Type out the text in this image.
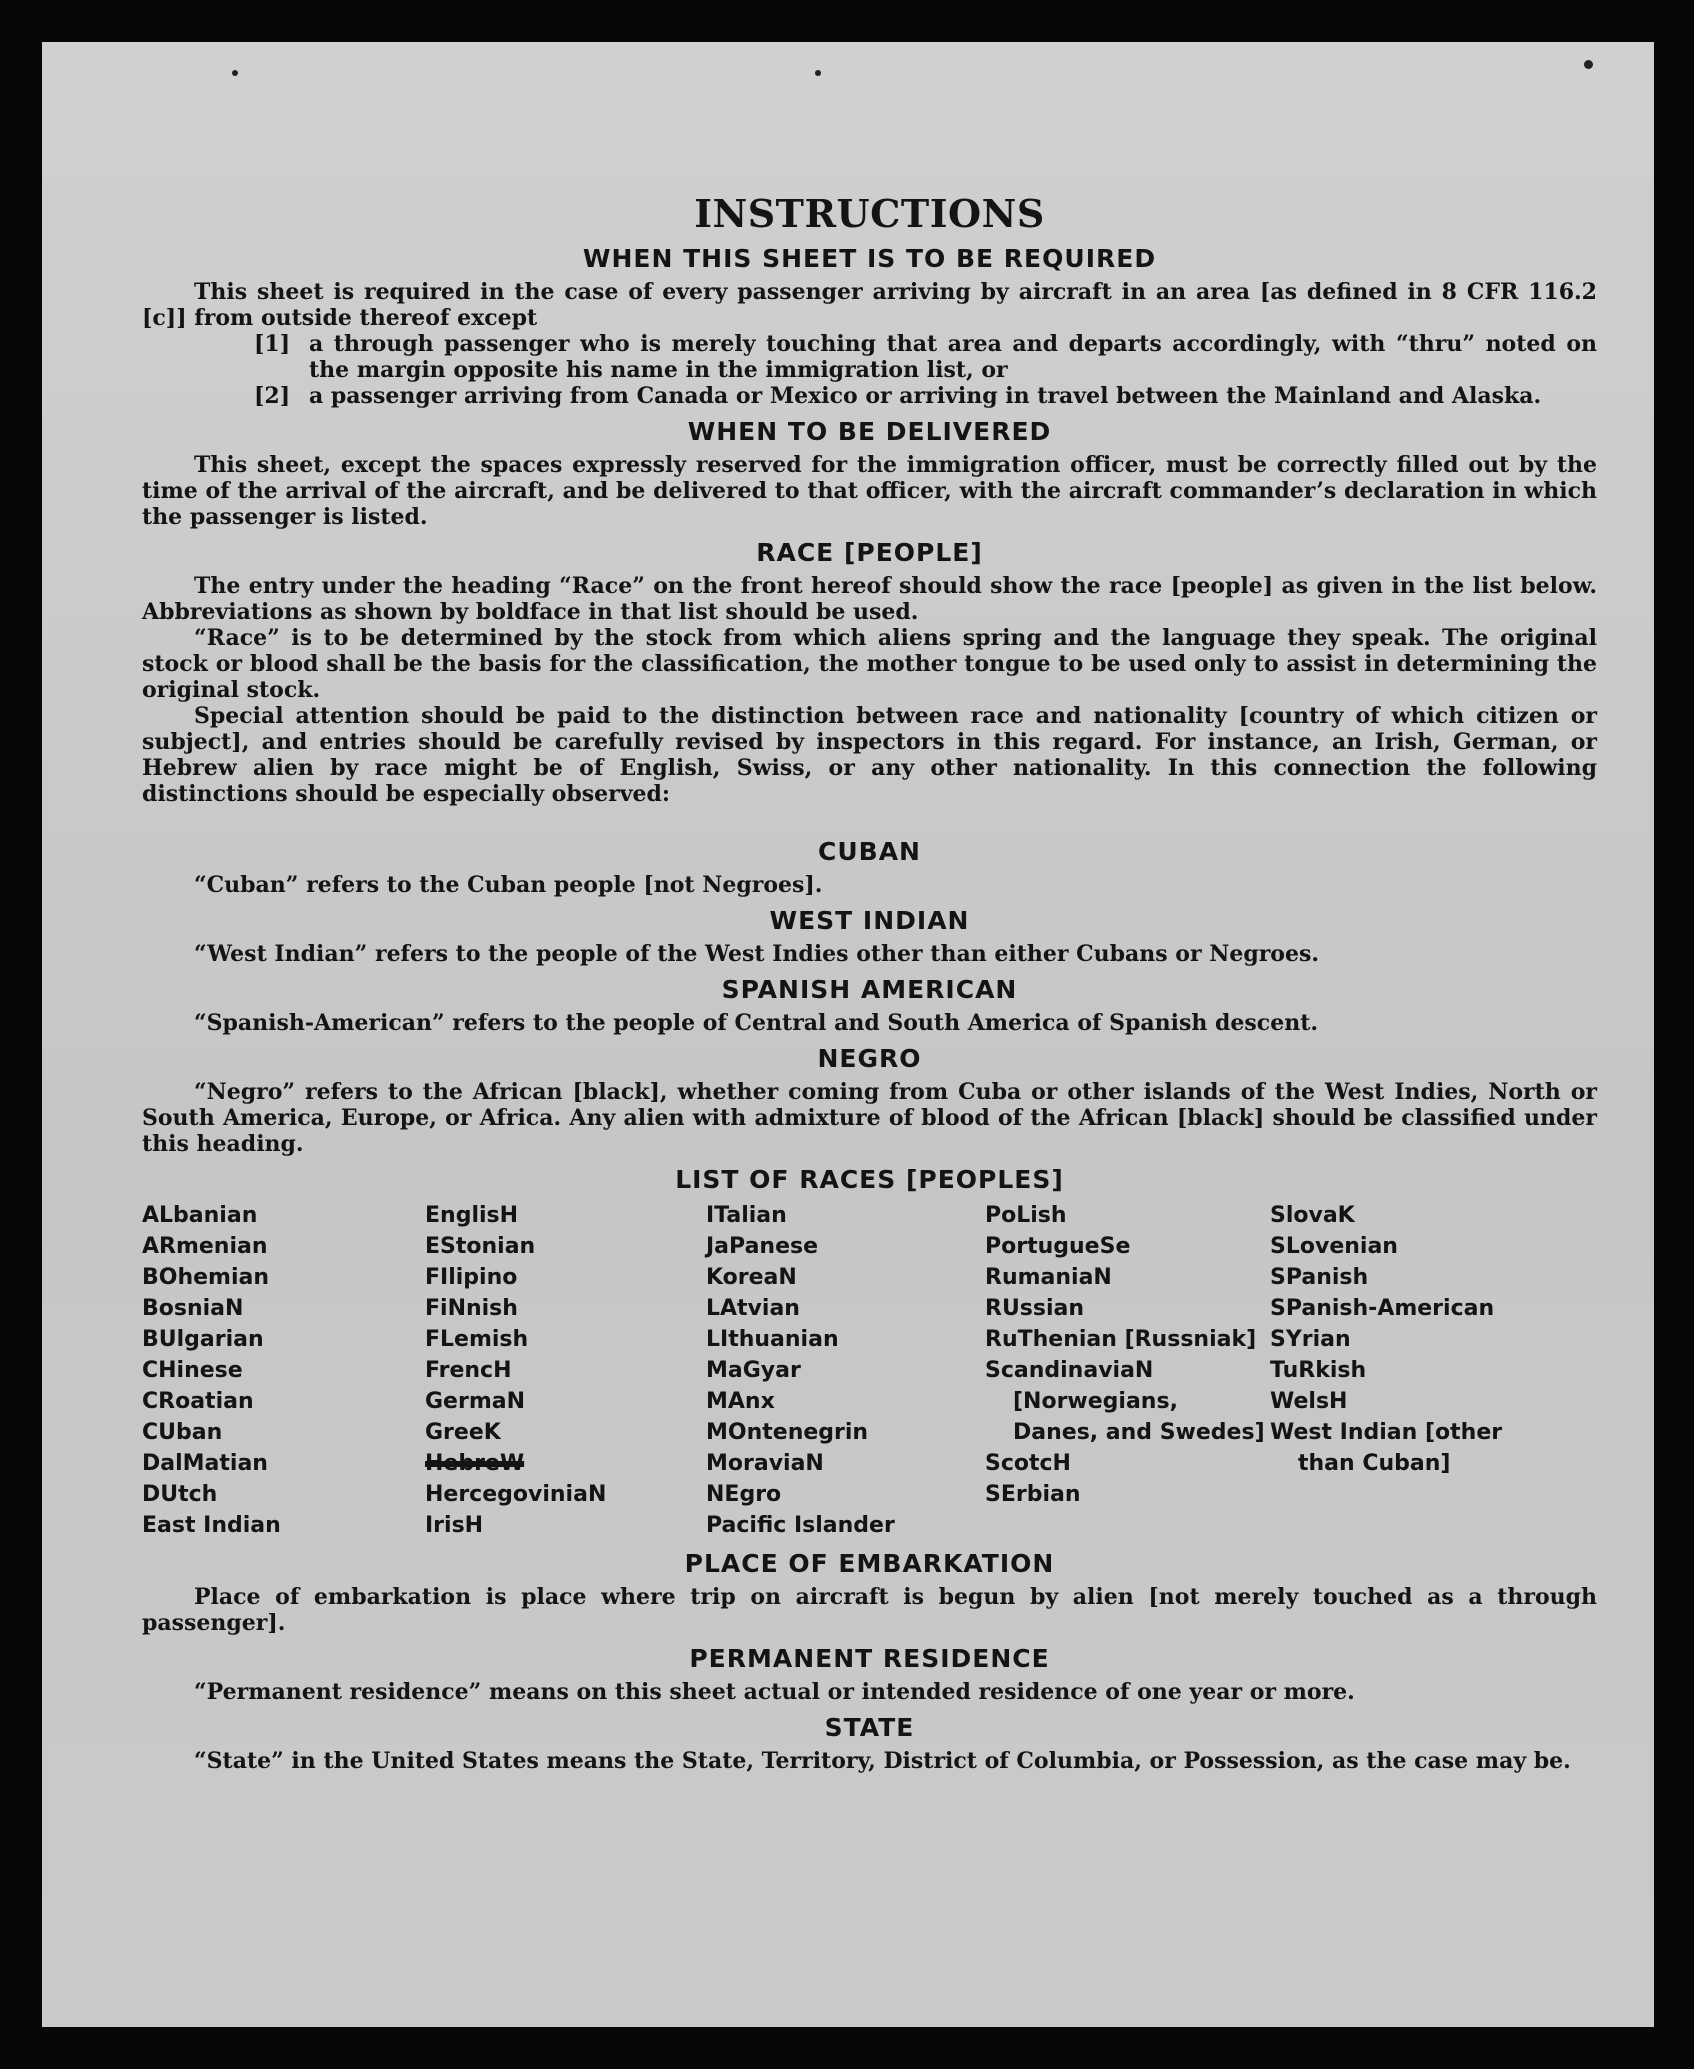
INSTRUCTIONS
WHEN THIS SHEET IS TO BE REQUIRED

This sheet is required in the case of every passenger arriving by aircraft in an area [as defined in 8 CFR 116.2 [c]] from outside thereof except

[1] a through passenger who is merely touching that area and departs accordingly, with “thru” noted on the margin opposite his name in the immigration list, or
[2] a passenger arriving from Canada or Mexico or arriving in travel between the Mainland and Alaska.
WHEN TO BE DELIVERED

This sheet, except the spaces expressly reserved for the immigration officer, must be correctly filled out by the time of the arrival of the aircraft, and be delivered to that officer, with the aircraft commander’s declaration in which the passenger is listed.

RACE [PEOPLE]

The entry under the heading “Race” on the front hereof should show the race [people] as given in the list below. Abbreviations as shown by boldface in that list should be used.

“Race” is to be determined by the stock from which aliens spring and the language they speak. The original stock or blood shall be the basis for the classification, the mother tongue to be used only to assist in determining the original stock.

Special attention should be paid to the distinction between race and nationality [country of which citizen or subject], and entries should be carefully revised by inspectors in this regard. For instance, an Irish, German, or Hebrew alien by race might be of English, Swiss, or any other nationality. In this connection the following distinctions should be especially observed:

CUBAN

“Cuban” refers to the Cuban people [not Negroes].

WEST INDIAN

“West Indian” refers to the people of the West Indies other than either Cubans or Negroes.

SPANISH AMERICAN

“Spanish-American” refers to the people of Central and South America of Spanish descent.

NEGRO

“Negro” refers to the African [black], whether coming from Cuba or other islands of the West Indies, North or South America, Europe, or Africa. Any alien with admixture of blood of the African [black] should be classified under this heading.

LIST OF RACES [PEOPLES]
ALbanian
ARmenian
BOhemian
BosniaN
BUlgarian
CHinese
CRoatian
CUban
DalMatian
DUtch
East Indian
EnglisH
EStonian
FIlipino
FiNnish
FLemish
FrencH
GermaN
GreeK
HebreW
HercegoviniaN
IrisH
ITalian
JaPanese
KoreaN
LAtvian
LIthuanian
MaGyar
MAnx
MOntenegrin
MoraviaN
NEgro
Pacific Islander
PoLish
PortugueSe
RumaniaN
RUssian
RuThenian [Russniak]
ScandinaviaN [Norwegians, Danes, and Swedes]
ScotcH
SErbian
SlovaK
SLovenian
SPanish
SPanish-American
SYrian
TuRkish
WelsH
West Indian [other than Cuban]
PLACE OF EMBARKATION

Place of embarkation is place where trip on aircraft is begun by alien [not merely touched as a through passenger].

PERMANENT RESIDENCE

“Permanent residence” means on this sheet actual or intended residence of one year or more.

STATE

“State” in the United States means the State, Territory, District of Columbia, or Possession, as the case may be.
